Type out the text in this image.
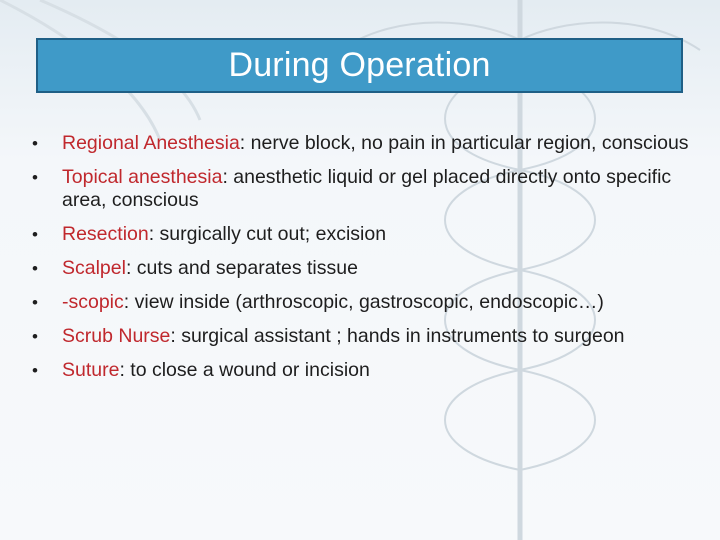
During Operation
• Regional Anesthesia: nerve block, no pain in particular region, conscious
• Topical anesthesia: anesthetic liquid or gel placed directly onto specific area, conscious
• Resection: surgically cut out; excision
• Scalpel: cuts and separates tissue
• -scopic: view inside (arthroscopic, gastroscopic, endoscopic…)
• Scrub Nurse: surgical assistant ; hands in instruments to surgeon
• Suture: to close a wound or incision
